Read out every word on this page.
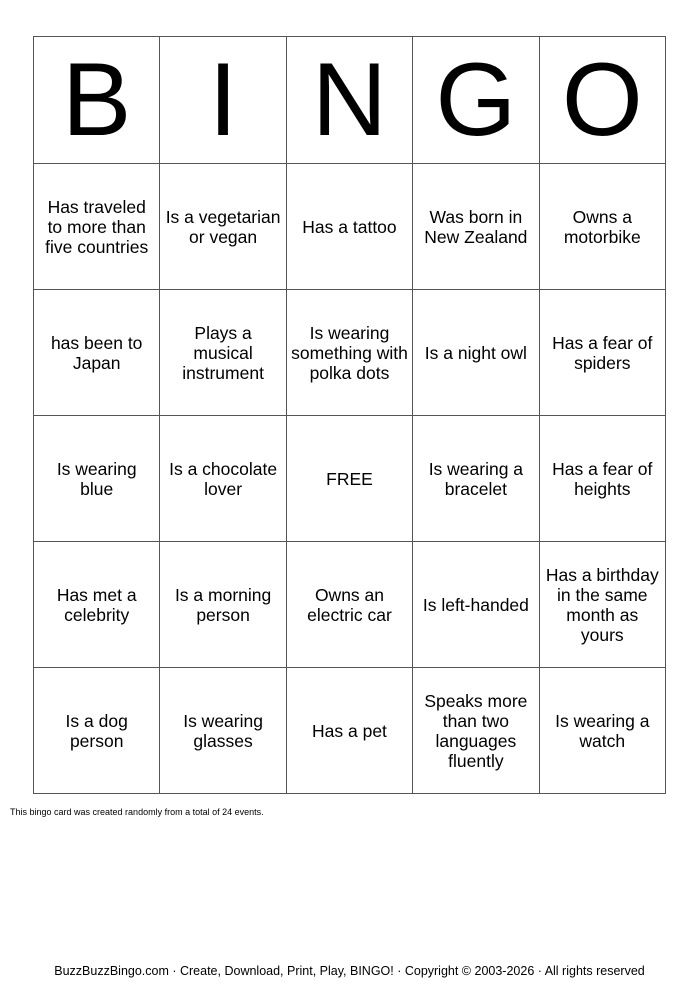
B	I	N	G	O
Has traveled to more than five countries	Is a vegetarian or vegan	Has a tattoo	Was born in New Zealand	Owns a motorbike
has been to Japan	Plays a musical instrument	Is wearing something with polka dots	Is a night owl	Has a fear of spiders
Is wearing blue	Is a chocolate lover	FREE	Is wearing a bracelet	Has a fear of heights
Has met a celebrity	Is a morning person	Owns an electric car	Is left-handed	Has a birthday in the same month as yours
Is a dog person	Is wearing glasses	Has a pet	Speaks more than two languages fluently	Is wearing a watch
This bingo card was created randomly from a total of 24 events.
BuzzBuzzBingo.com · Create, Download, Print, Play, BINGO! · Copyright © 2003-2026 · All rights reserved
